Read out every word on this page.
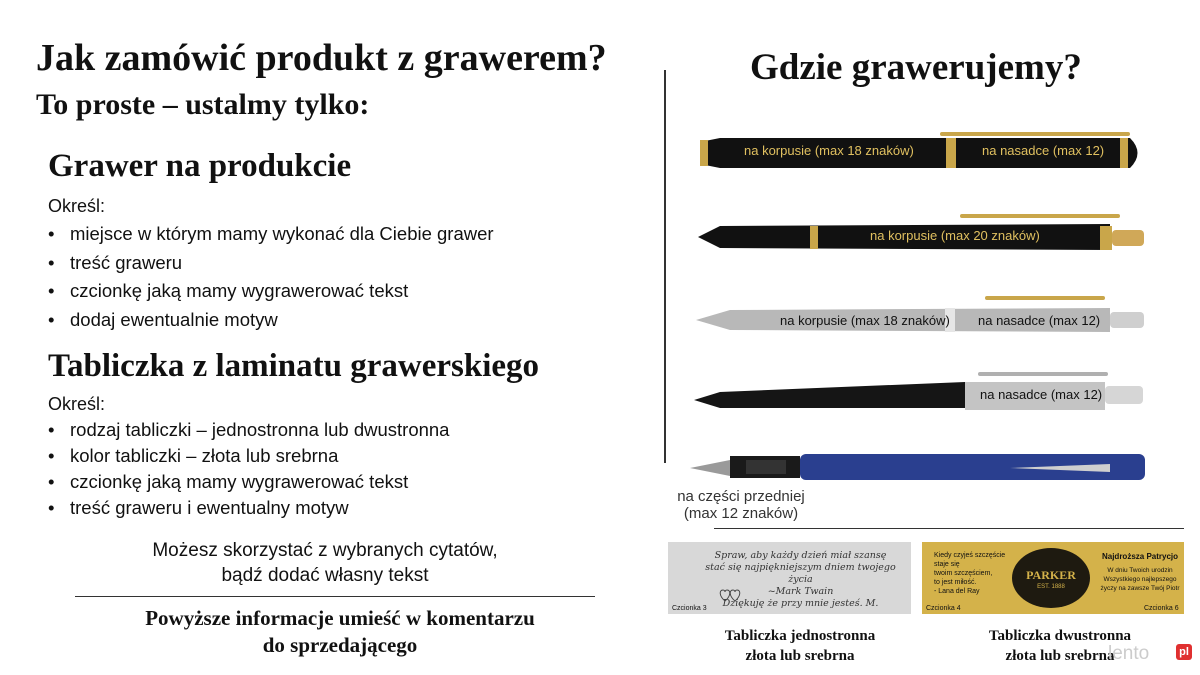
Jak zamówić produkt z grawerem?
To proste – ustalmy tylko:
Grawer na produkcie
Określ:
• miejsce w którym mamy wykonać dla Ciebie grawer
• treść graweru
• czcionkę jaką mamy wygrawerować tekst
• dodaj ewentualnie motyw
Tabliczka z laminatu grawerskiego
Określ:
• rodzaj tabliczki – jednostronna lub dwustronna
• kolor tabliczki – złota lub srebrna
• czcionkę jaką mamy wygrawerować tekst
• treść graweru i ewentualny motyw
Możesz skorzystać z wybranych cytatów,
bądź dodać własny tekst
Powyższe informacje umieść w komentarzu
do sprzedającego
Gdzie grawerujemy?
na korpusie (max 18 znaków)	na nasadce (max 12)
na korpusie (max 20 znaków)
na korpusie (max 18 znaków) na nasadce (max 12)
na nasadce (max 12)
na części przedniej
(max 12 znaków)
Spraw, aby każdy dzień miał szansę
stać się najpiękniejszym dniem twojego życia
~Mark Twain
Dziękuję że przy mnie jesteś. M.
Czcionka 3
Kiedy czyjeś szczęście
staje się
twoim szczęściem,
to jest miłość.
- Lana del Ray
PARKER
EST. 1888
Najdroższa Patrycjo
W dniu Twoich urodzin
Wszystkiego najlepszego
życzy na zawsze Twój Piotr
Czcionka 4	Czcionka 6
Tabliczka jednostronna
złota lub srebrna
Tabliczka dwustronna
złota lub srebrna
lento	pl
